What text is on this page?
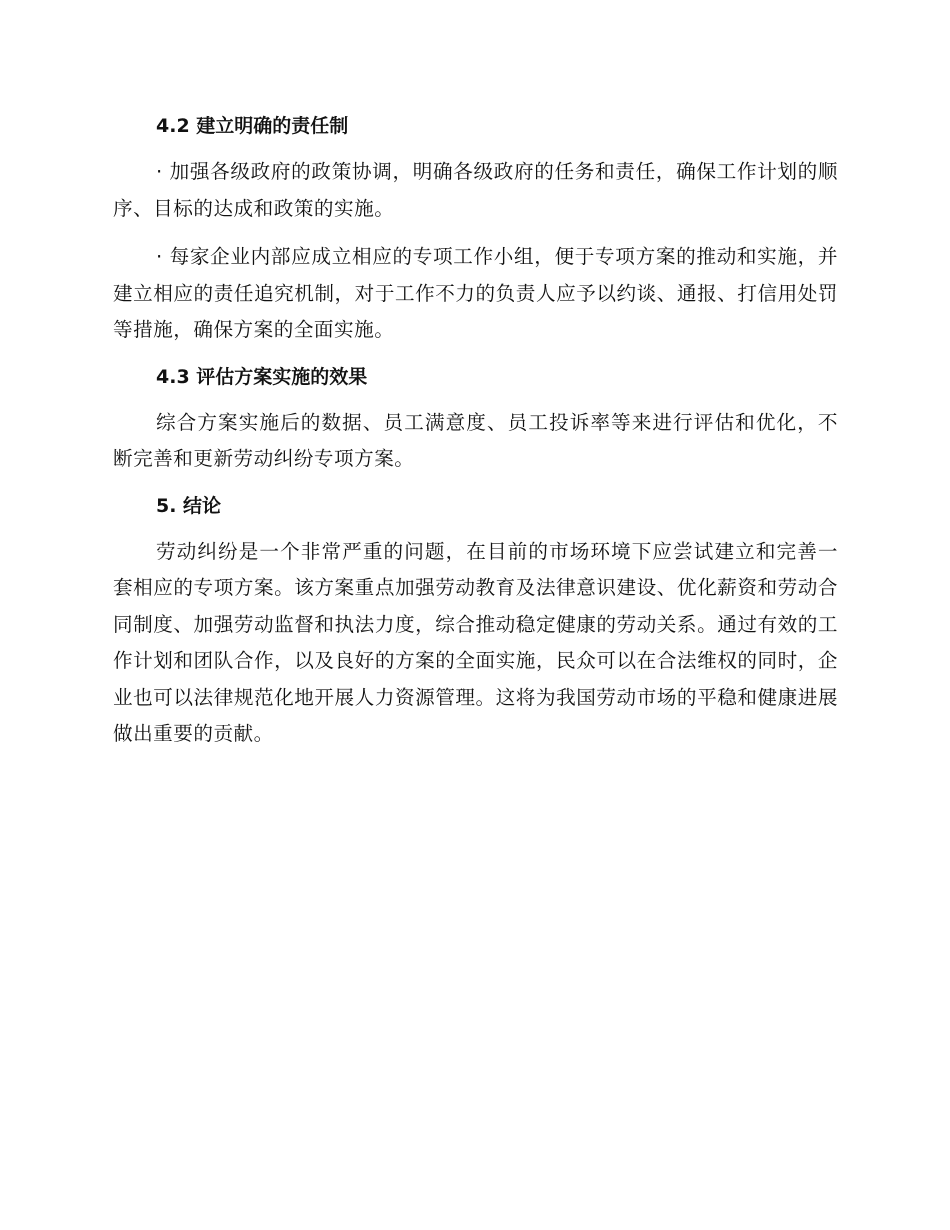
4.2 建立明确的责任制

· 加强各级政府的政策协调，明确各级政府的任务和责任，确保工作计划的顺序、目标的达成和政策的实施。

· 每家企业内部应成立相应的专项工作小组，便于专项方案的推动和实施，并建立相应的责任追究机制，对于工作不力的负责人应予以约谈、通报、打信用处罚等措施，确保方案的全面实施。

4.3 评估方案实施的效果

综合方案实施后的数据、员工满意度、员工投诉率等来进行评估和优化，不断完善和更新劳动纠纷专项方案。

5. 结论

劳动纠纷是一个非常严重的问题，在目前的市场环境下应尝试建立和完善一套相应的专项方案。该方案重点加强劳动教育及法律意识建设、优化薪资和劳动合同制度、加强劳动监督和执法力度，综合推动稳定健康的劳动关系。通过有效的工作计划和团队合作，以及良好的方案的全面实施，民众可以在合法维权的同时，企业也可以法律规范化地开展人力资源管理。这将为我国劳动市场的平稳和健康进展做出重要的贡献。
